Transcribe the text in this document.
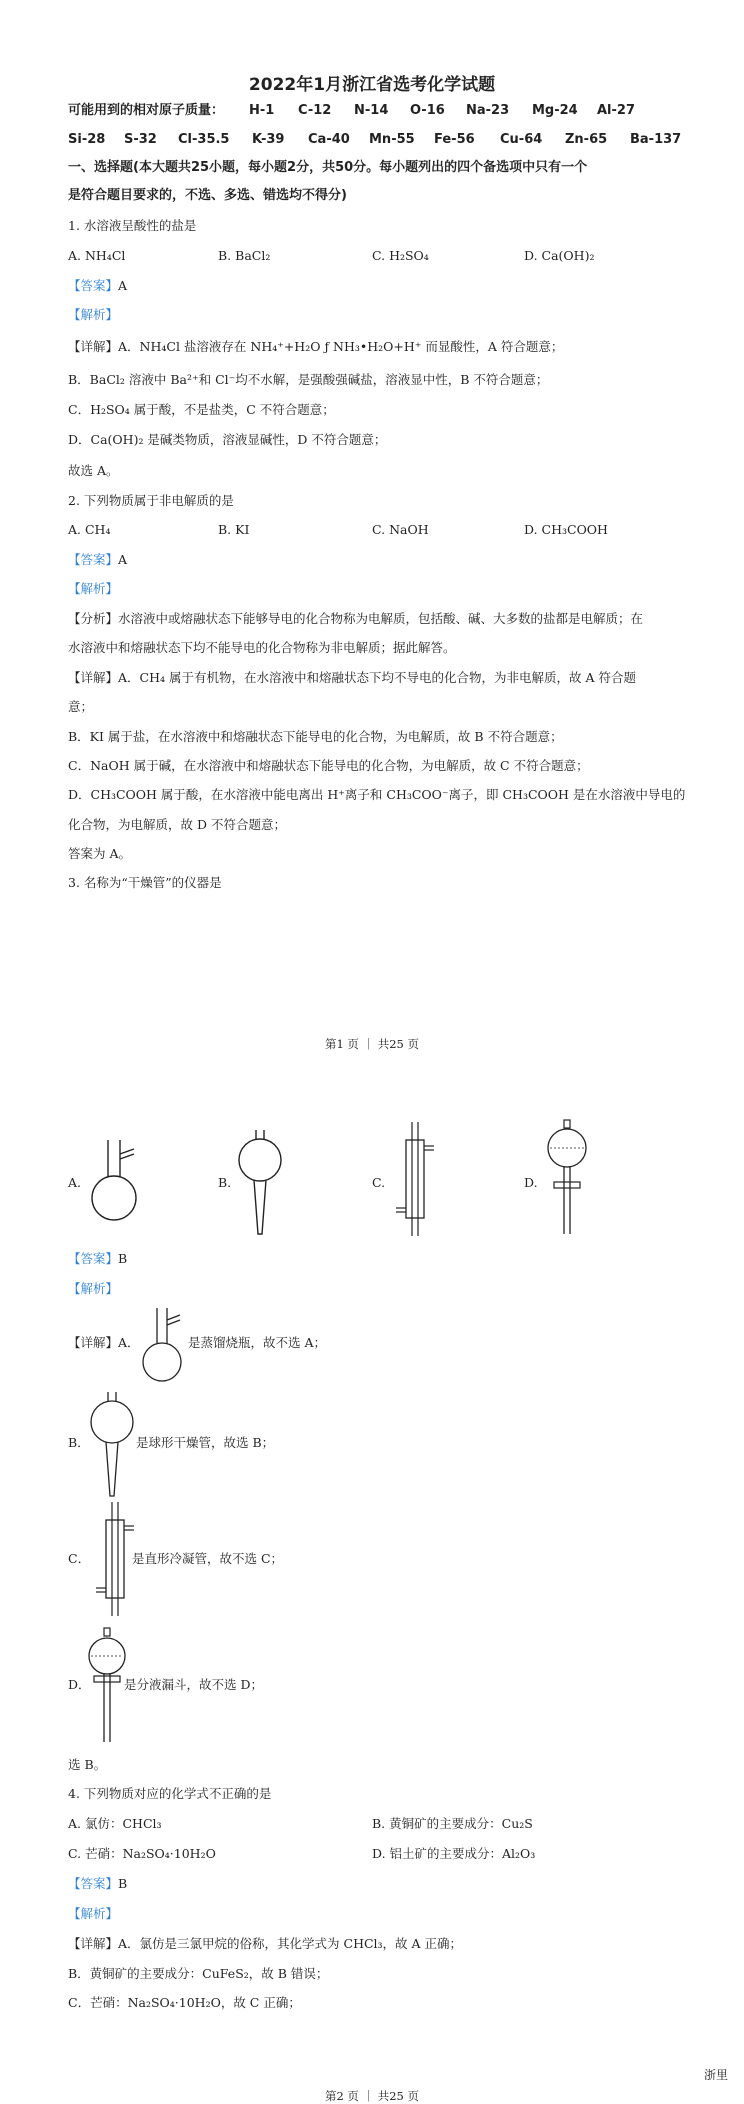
2022年1月浙江省选考化学试题
可能用到的相对原子质量： H-1 C-12 N-14 O-16 Na-23 Mg-24 Al-27
Si-28 S-32 Cl-35.5 K-39 Ca-40 Mn-55 Fe-56 Cu-64 Zn-65 Ba-137
一、选择题(本大题共25小题，每小题2分，共50分。每小题列出的四个备选项中只有一个
是符合题目要求的，不选、多选、错选均不得分)
1. 水溶液呈酸性的盐是
A. NH₄Cl	B. BaCl₂	C. H₂SO₄	D. Ca(OH)₂
【答案】A
【解析】
【详解】A．NH₄Cl 盐溶液存在 NH₄⁺+H₂O ƒ NH₃•H₂O+H⁺ 而显酸性，A 符合题意；
B．BaCl₂ 溶液中 Ba²⁺和 Cl⁻均不水解，是强酸强碱盐，溶液显中性，B 不符合题意；
C．H₂SO₄ 属于酸，不是盐类，C 不符合题意；
D．Ca(OH)₂ 是碱类物质，溶液显碱性，D 不符合题意；
故选 A。
2. 下列物质属于非电解质的是
A. CH₄	B. KI	C. NaOH	D. CH₃COOH
【答案】A
【解析】
【分析】水溶液中或熔融状态下能够导电的化合物称为电解质，包括酸、碱、大多数的盐都是电解质；在
水溶液中和熔融状态下均不能导电的化合物称为非电解质；据此解答。
【详解】A．CH₄ 属于有机物，在水溶液中和熔融状态下均不导电的化合物，为非电解质，故 A 符合题
意；
B．KI 属于盐，在水溶液中和熔融状态下能导电的化合物，为电解质，故 B 不符合题意；
C．NaOH 属于碱，在水溶液中和熔融状态下能导电的化合物，为电解质，故 C 不符合题意；
D．CH₃COOH 属于酸，在水溶液中能电离出 H⁺离子和 CH₃COO⁻离子，即 CH₃COOH 是在水溶液中导电的
化合物，为电解质，故 D 不符合题意；
答案为 A。
3. 名称为“干燥管”的仪器是
第1 页 ｜ 共25 页
A.	B.	C.	D.
【答案】B
【解析】
【详解】A．	是蒸馏烧瓶，故不选 A；
B．	是球形干燥管，故选 B；
C．	是直形冷凝管，故不选 C；
D．	是分液漏斗，故不选 D；
选 B。
4. 下列物质对应的化学式不正确的是
A. 氯仿：CHCl₃	B. 黄铜矿的主要成分：Cu₂S
C. 芒硝：Na₂SO₄·10H₂O	D. 铝土矿的主要成分：Al₂O₃
【答案】B
【解析】
【详解】A．氯仿是三氯甲烷的俗称，其化学式为 CHCl₃，故 A 正确；
B．黄铜矿的主要成分：CuFeS₂，故 B 错误；
C．芒硝：Na₂SO₄·10H₂O，故 C 正确；
浙里
第2 页 ｜ 共25 页
